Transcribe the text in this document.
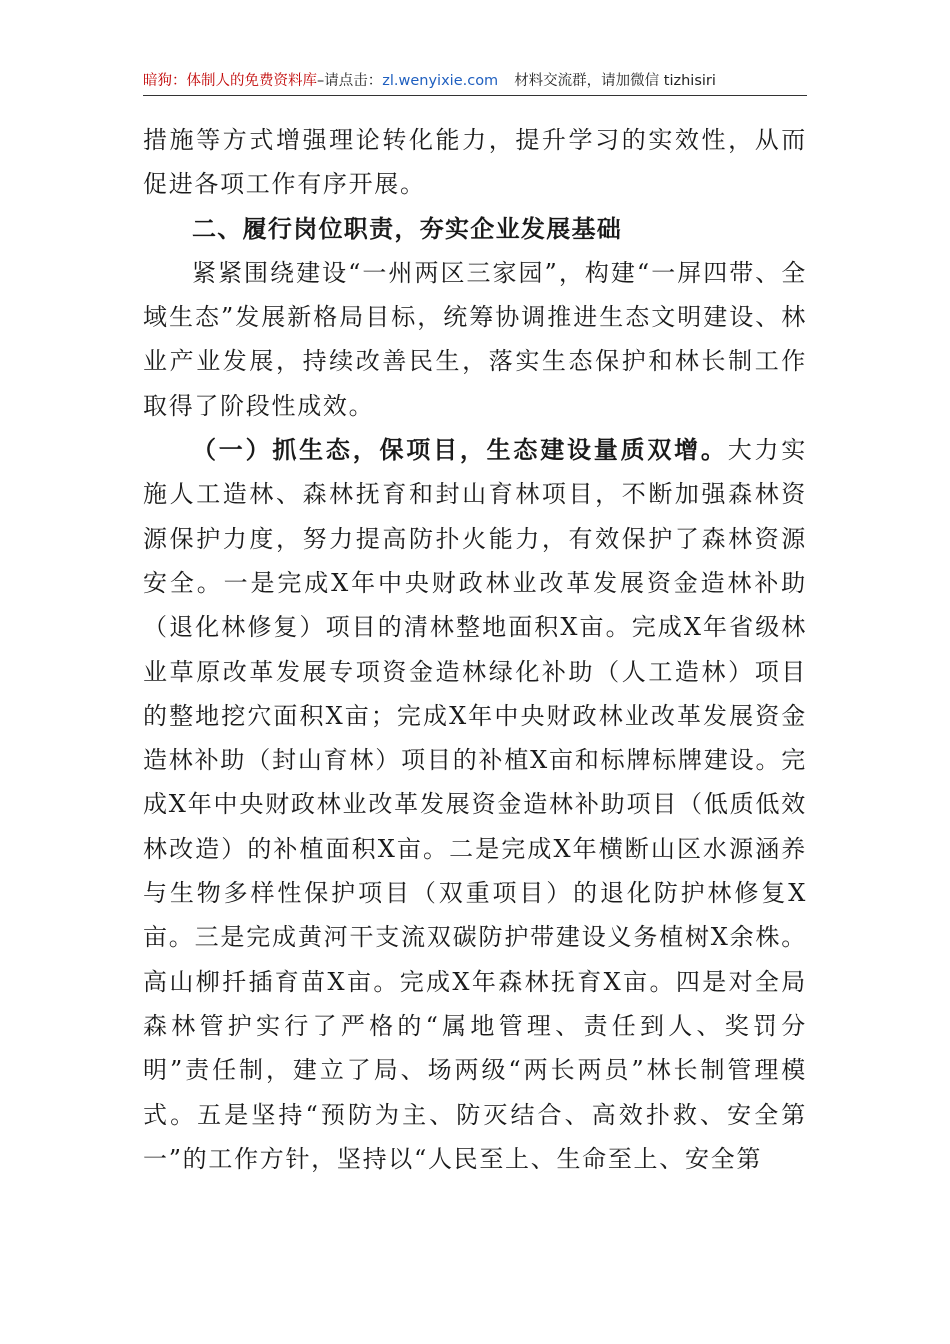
暗狗：体制人的免费资料库–请点击：zl.wenyixie.com 材料交流群，请加微信 tizhisiri

措施等方式增强理论转化能力，提升学习的实效性，从而促进各项工作有序开展。

二、履行岗位职责，夯实企业发展基础

紧紧围绕建设“一州两区三家园”，构建“一屏四带、全域生态”发展新格局目标，统筹协调推进生态文明建设、林业产业发展，持续改善民生，落实生态保护和林长制工作取得了阶段性成效。

（一）抓生态，保项目，生态建设量质双增。大力实施人工造林、森林抚育和封山育林项目，不断加强森林资源保护力度，努力提高防扑火能力，有效保护了森林资源安全。一是完成X年中央财政林业改革发展资金造林补助（退化林修复）项目的清林整地面积X亩。完成X年省级林业草原改革发展专项资金造林绿化补助（人工造林）项目的整地挖穴面积X亩；完成X年中央财政林业改革发展资金造林补助（封山育林）项目的补植X亩和标牌标牌建设。完成X年中央财政林业改革发展资金造林补助项目（低质低效林改造）的补植面积X亩。二是完成X年横断山区水源涵养与生物多样性保护项目（双重项目）的退化防护林修复X亩。三是完成黄河干支流双碳防护带建设义务植树X余株。高山柳扦插育苗X亩。完成X年森林抚育X亩。四是对全局森林管护实行了严格的“属地管理、责任到人、奖罚分明”责任制，建立了局、场两级“两长两员”林长制管理模式。五是坚持“预防为主、防灭结合、高效扑救、安全第一”的工作方针，坚持以“人民至上、生命至上、安全第
